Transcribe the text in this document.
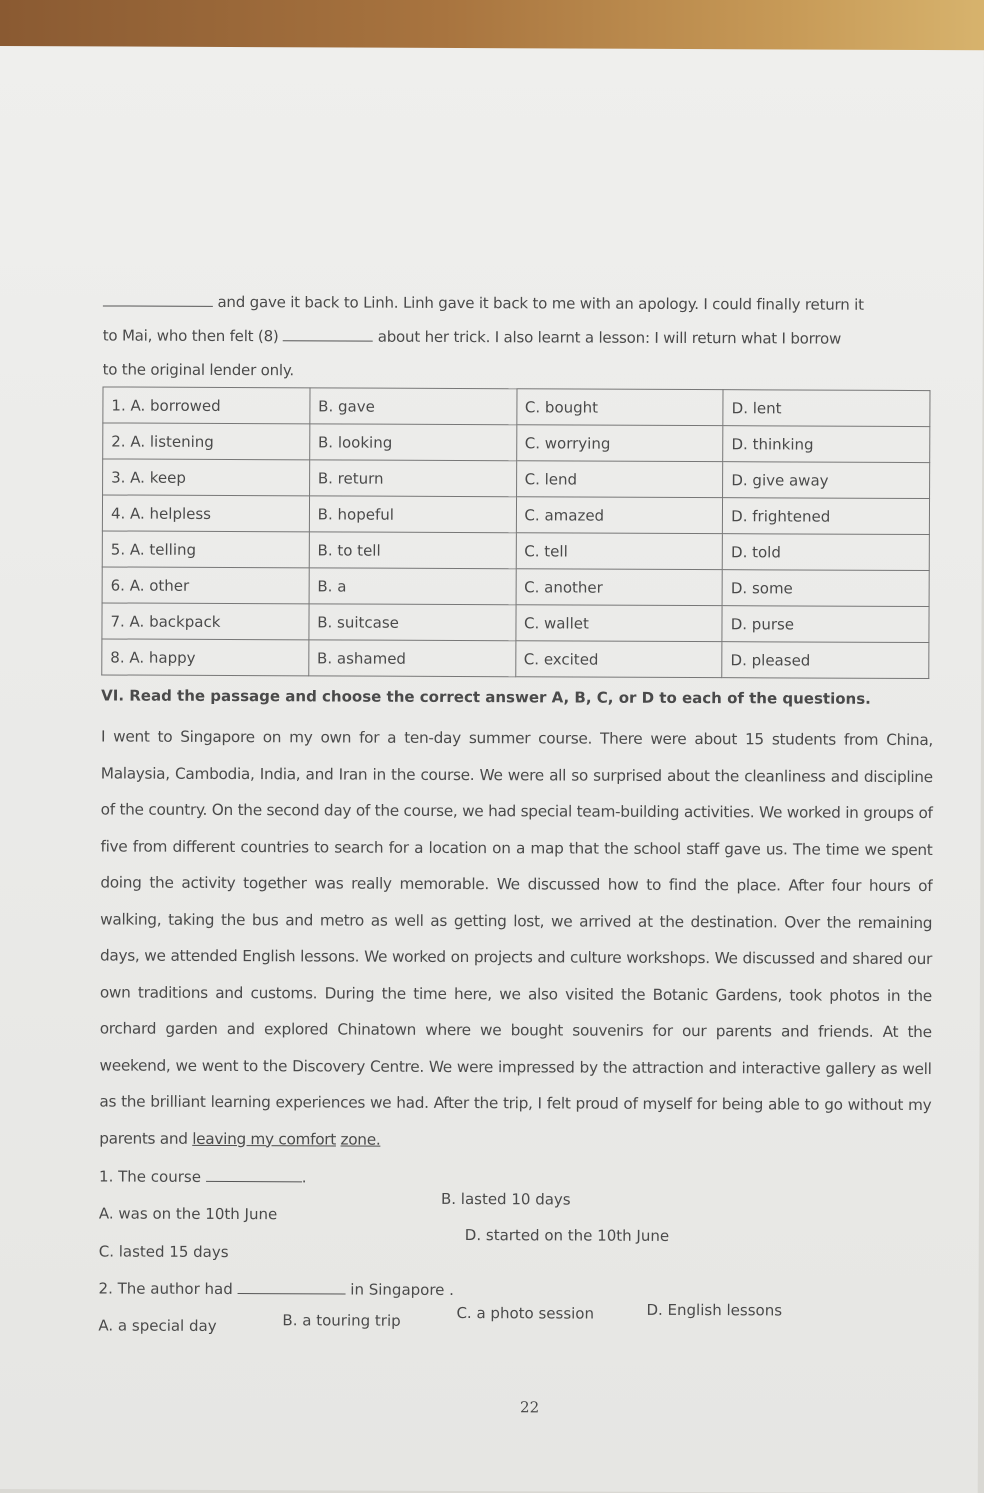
and gave it back to Linh. Linh gave it back to me with an apology. I could finally return it
to Mai, who then felt (8)	about her trick. I also learnt a lesson: I will return what I borrow
to the original lender only.
1. A. borrowed	B. gave	C. bought	D. lent
2. A. listening	B. looking	C. worrying	D. thinking
3. A. keep	B. return	C. lend	D. give away
4. A. helpless	B. hopeful	C. amazed	D. frightened
5. A. telling	B. to tell	C. tell	D. told
6. A. other	B. a	C. another	D. some
7. A. backpack	B. suitcase	C. wallet	D. purse
8. A. happy	B. ashamed	C. excited	D. pleased
VI. Read the passage and choose the correct answer A, B, C, or D to each of the questions.
I went to Singapore on my own for a ten-day summer course. There were about 15 students from China, Malaysia, Cambodia, India, and Iran in the course. We were all so surprised about the cleanliness and discipline of the country. On the second day of the course, we had special team-building activities. We worked in groups of five from different countries to search for a location on a map that the school staff gave us. The time we spent doing the activity together was really memorable. We discussed how to find the place. After four hours of walking, taking the bus and metro as well as getting lost, we arrived at the destination. Over the remaining days, we attended English lessons. We worked on projects and culture workshops. We discussed and shared our own traditions and customs. During the time here, we also visited the Botanic Gardens, took photos in the orchard garden and explored Chinatown where we bought souvenirs for our parents and friends. At the weekend, we went to the Discovery Centre. We were impressed by the attraction and interactive gallery as well as the brilliant learning experiences we had. After the trip, I felt proud of myself for being able to go without my parents and leaving my comfort zone.
1. The course	.
B. lasted 10 days
A. was on the 10th June
D. started on the 10th June
C. lasted 15 days
2. The author had	in Singapore .
A. a special day	B. a touring trip	C. a photo session	D. English lessons
22
